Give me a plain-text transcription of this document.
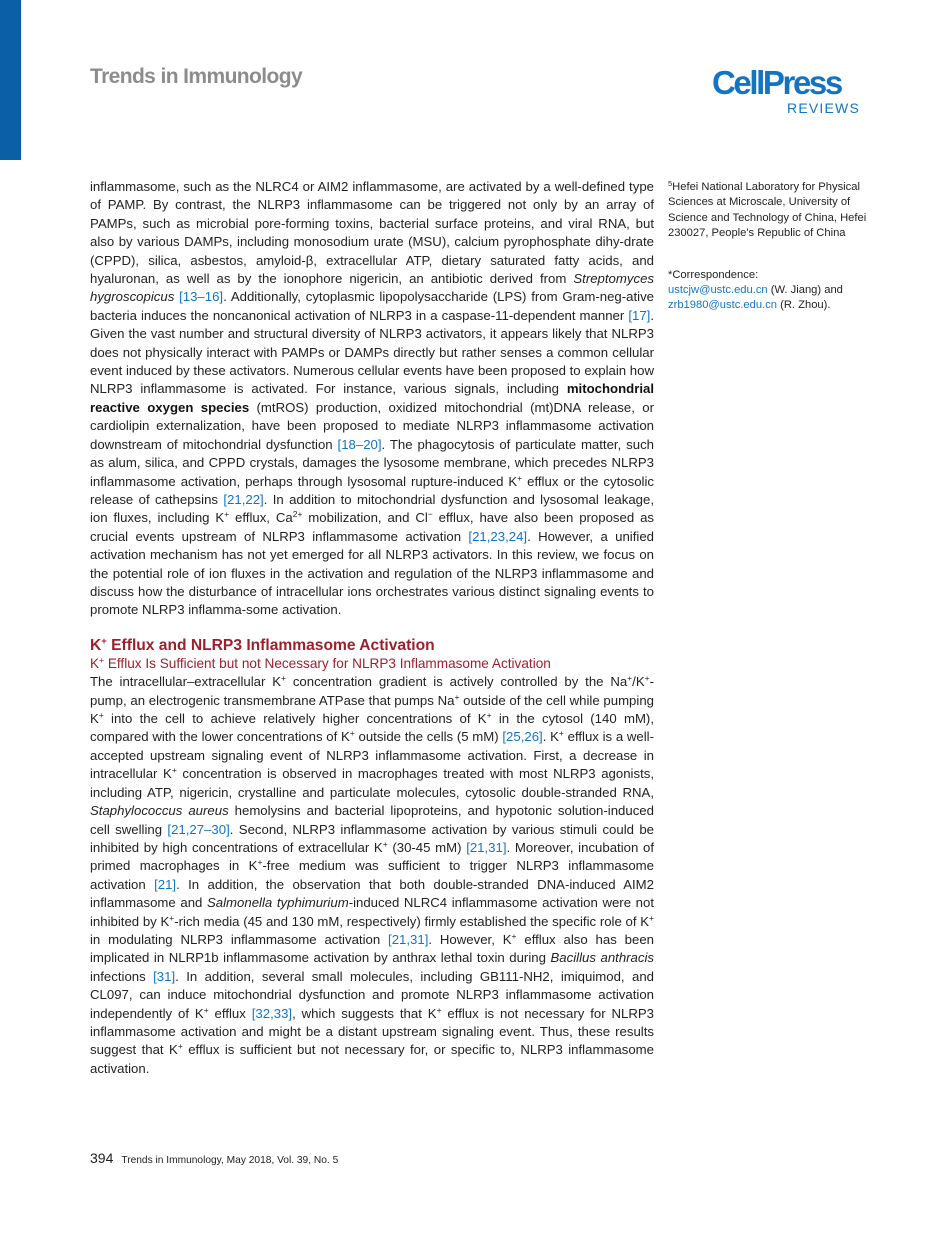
Trends in Immunology	CellPress
REVIEWS

$^5$Hefei National Laboratory for Physical Sciences at Microscale, University of Science and Technology of China, Hefei 230027, People's Republic of China

*Correspondence:
ustcjw@ustc.edu.cn (W. Jiang) and
zrb1980@ustc.edu.cn (R. Zhou).

inflammasome, such as the NLRC4 or AIM2 inflammasome, are activated by a well-defined type of PAMP. By contrast, the NLRP3 inflammasome can be triggered not only by an array of PAMPs, such as microbial pore-forming toxins, bacterial surface proteins, and viral RNA, but also by various DAMPs, including monosodium urate (MSU), calcium pyrophosphate dihy-drate (CPPD), silica, asbestos, amyloid-β, extracellular ATP, dietary saturated fatty acids, and hyaluronan, as well as by the ionophore nigericin, an antibiotic derived from Streptomyces hygroscopicus [13–16]. Additionally, cytoplasmic lipopolysaccharide (LPS) from Gram-neg-ative bacteria induces the noncanonical activation of NLRP3 in a caspase-11-dependent manner [17]. Given the vast number and structural diversity of NLRP3 activators, it appears likely that NLRP3 does not physically interact with PAMPs or DAMPs directly but rather senses a common cellular event induced by these activators. Numerous cellular events have been proposed to explain how NLRP3 inflammasome is activated. For instance, various signals, including mitochondrial reactive oxygen species (mtROS) production, oxidized mitochondrial (mt)DNA release, or cardiolipin externalization, have been proposed to mediate NLRP3 inflammasome activation downstream of mitochondrial dysfunction [18–20]. The phagocytosis of particulate matter, such as alum, silica, and CPPD crystals, damages the lysosome membrane, which precedes NLRP3 inflammasome activation, perhaps through lysosomal rupture-induced K+ efflux or the cytosolic release of cathepsins [21,22]. In addition to mitochondrial dysfunction and lysosomal leakage, ion fluxes, including K+ efflux, $Ca^{2+}$ mobilization, and Cl− efflux, have also been proposed as crucial events upstream of NLRP3 inflammasome activation [21,23,24]. However, a unified activation mechanism has not yet emerged for all NLRP3 activators. In this review, we focus on the potential role of ion fluxes in the activation and regulation of the NLRP3 inflammasome and discuss how the disturbance of intracellular ions orchestrates various distinct signaling events to promote NLRP3 inflamma-some activation.

K+ Efflux and NLRP3 Inflammasome Activation
K+ Efflux Is Sufficient but not Necessary for NLRP3 Inflammasome Activation

The intracellular–extracellular K+ concentration gradient is actively controlled by the Na+/K+-pump, an electrogenic transmembrane ATPase that pumps Na+ outside of the cell while pumping K+ into the cell to achieve relatively higher concentrations of K+ in the cytosol (140 mM), compared with the lower concentrations of K+ outside the cells (5 mM) [25,26]. K+ efflux is a well-accepted upstream signaling event of NLRP3 inflammasome activation. First, a decrease in intracellular K+ concentration is observed in macrophages treated with most NLRP3 agonists, including ATP, nigericin, crystalline and particulate molecules, cytosolic double-stranded RNA, Staphylococcus aureus hemolysins and bacterial lipoproteins, and hypotonic solution-induced cell swelling [21,27–30]. Second, NLRP3 inflammasome activation by various stimuli could be inhibited by high concentrations of extracellular K+ (30-45 mM) [21,31]. Moreover, incubation of primed macrophages in K+-free medium was sufficient to trigger NLRP3 inflammasome activation [21]. In addition, the observation that both double-stranded DNA-induced AIM2 inflammasome and Salmonella typhimurium-induced NLRC4 inflammasome activation were not inhibited by K+-rich media (45 and 130 mM, respectively) firmly established the specific role of K+ in modulating NLRP3 inflammasome activation [21,31]. However, K+ efflux also has been implicated in NLRP1b inflammasome activation by anthrax lethal toxin during Bacillus anthracis infections [31]. In addition, several small molecules, including GB111-NH2, imiquimod, and CL097, can induce mitochondrial dysfunction and promote NLRP3 inflammasome activation independently of K+ efflux [32,33], which suggests that K+ efflux is not necessary for NLRP3 inflammasome activation and might be a distant upstream signaling event. Thus, these results suggest that K+ efflux is sufficient but not necessary for, or specific to, NLRP3 inflammasome activation.

394 Trends in Immunology, May 2018, Vol. 39, No. 5
